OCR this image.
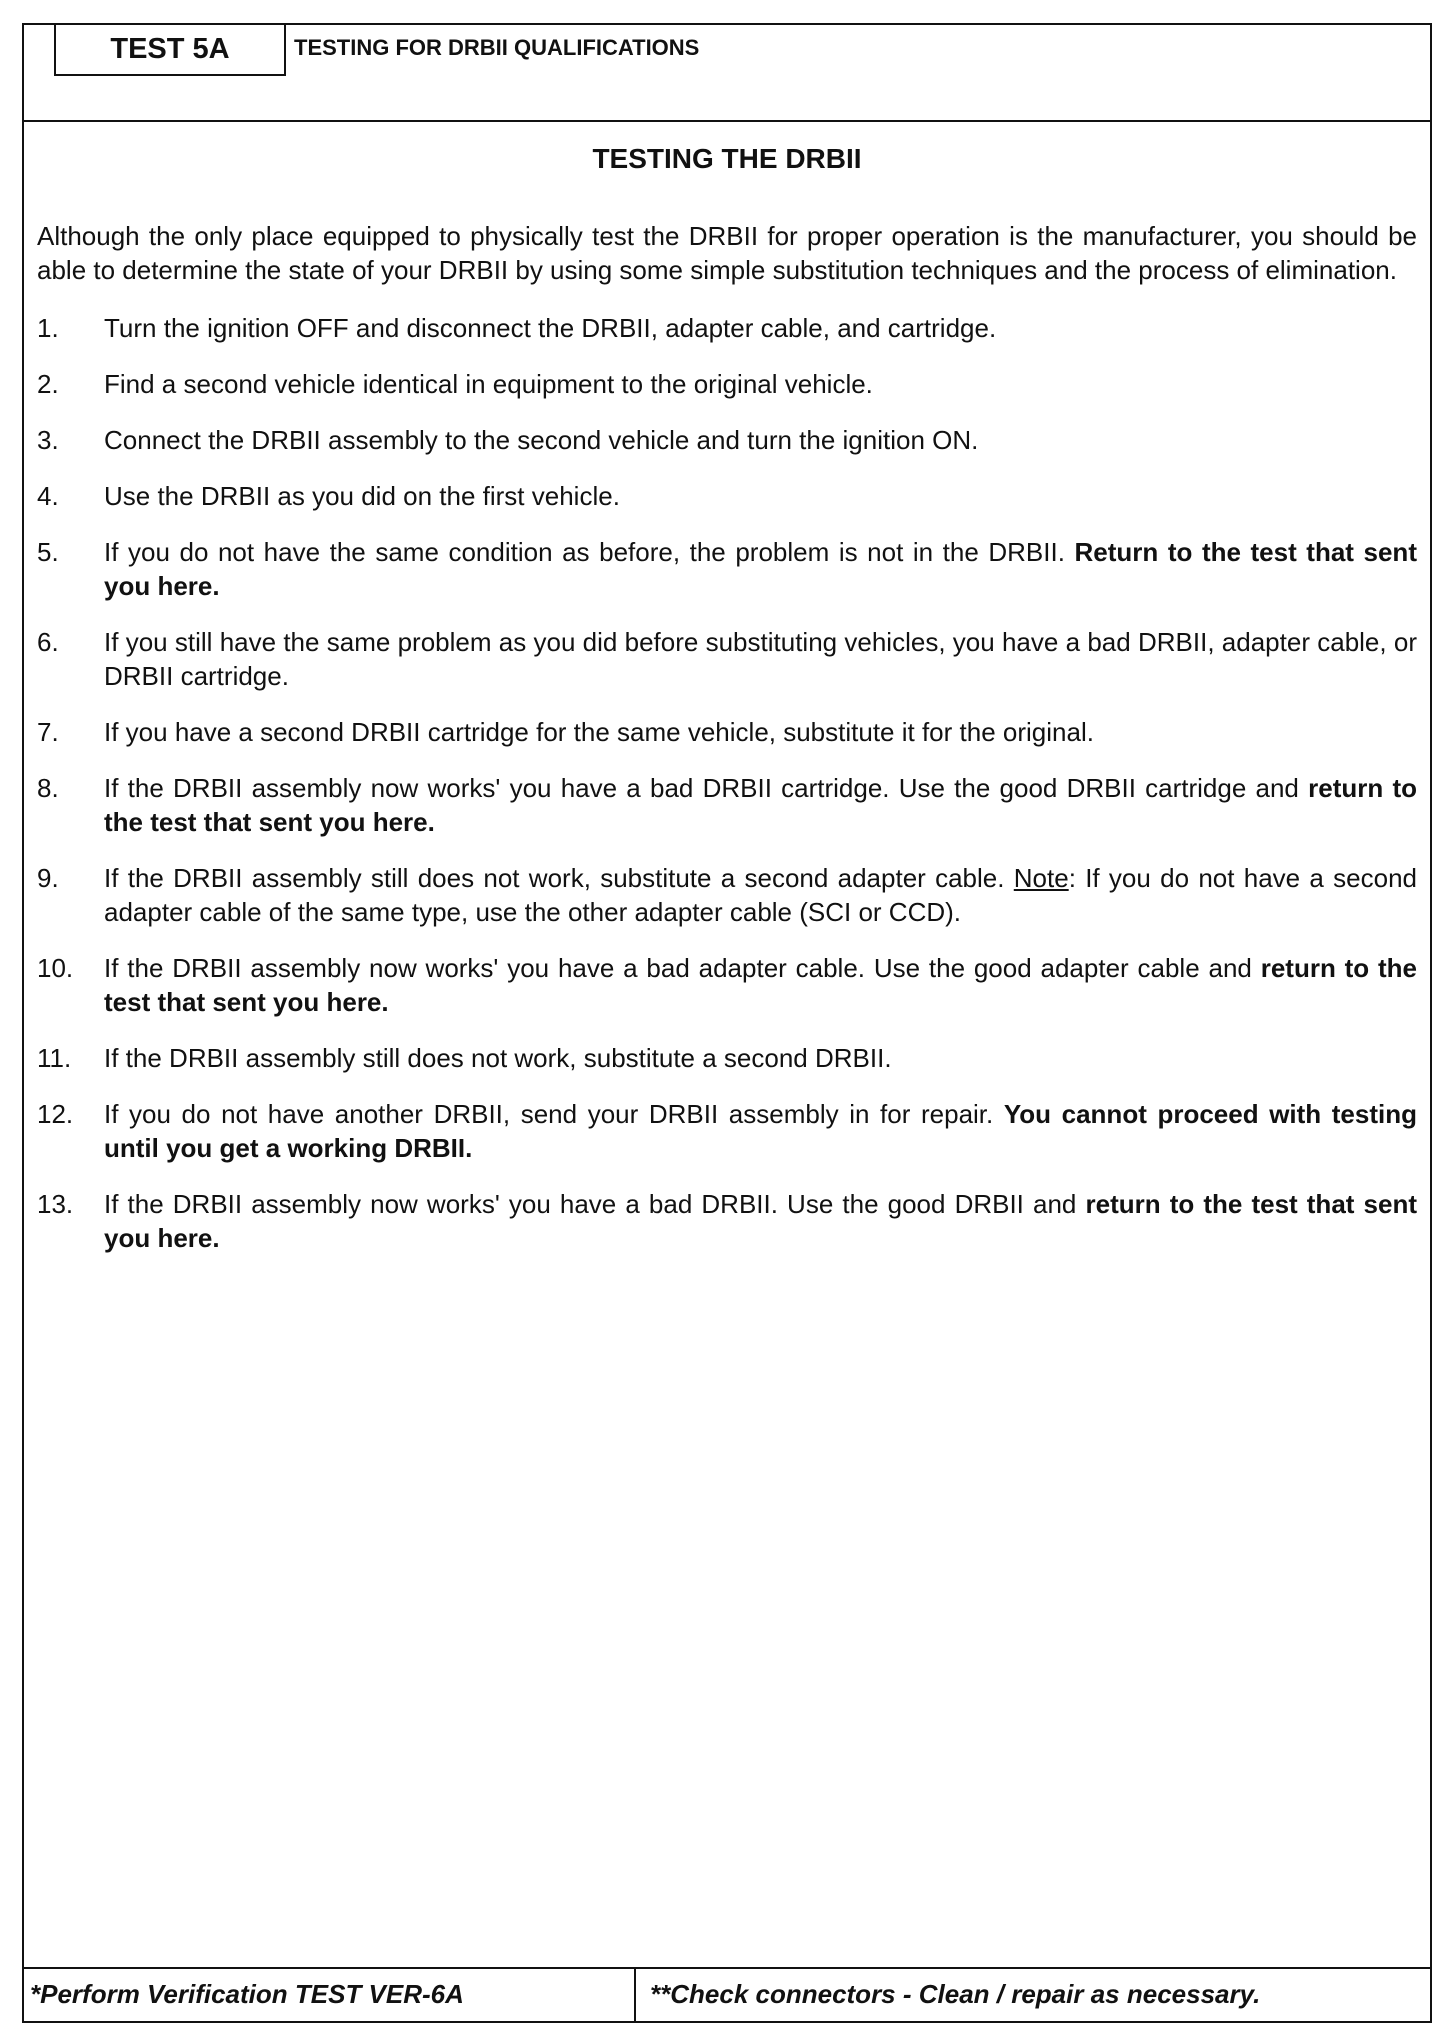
TEST 5A	TESTING FOR DRBII QUALIFICATIONS
TESTING THE DRBII

Although the only place equipped to physically test the DRBII for proper operation is the manufacturer, you should be able to determine the state of your DRBII by using some simple substitution techniques and the process of elimination.

1.	Turn the ignition OFF and disconnect the DRBII, adapter cable, and cartridge.
2.	Find a second vehicle identical in equipment to the original vehicle.
3.	Connect the DRBII assembly to the second vehicle and turn the ignition ON.
4.	Use the DRBII as you did on the first vehicle.
5.	If you do not have the same condition as before, the problem is not in the DRBII. Return to the test that sent you here.
6.	If you still have the same problem as you did before substituting vehicles, you have a bad DRBII, adapter cable, or DRBII cartridge.
7.	If you have a second DRBII cartridge for the same vehicle, substitute it for the original.
8.	If the DRBII assembly now works' you have a bad DRBII cartridge. Use the good DRBII cartridge and return to the test that sent you here.
9.	If the DRBII assembly still does not work, substitute a second adapter cable. Note: If you do not have a second adapter cable of the same type, use the other adapter cable (SCI or CCD).
10.	If the DRBII assembly now works' you have a bad adapter cable. Use the good adapter cable and return to the test that sent you here.
11.	If the DRBII assembly still does not work, substitute a second DRBII.
12.	If you do not have another DRBII, send your DRBII assembly in for repair. You cannot proceed with testing until you get a working DRBII.
13.	If the DRBII assembly now works' you have a bad DRBII. Use the good DRBII and return to the test that sent you here.
*Perform Verification TEST VER-6A	**Check connectors - Clean / repair as necessary.
